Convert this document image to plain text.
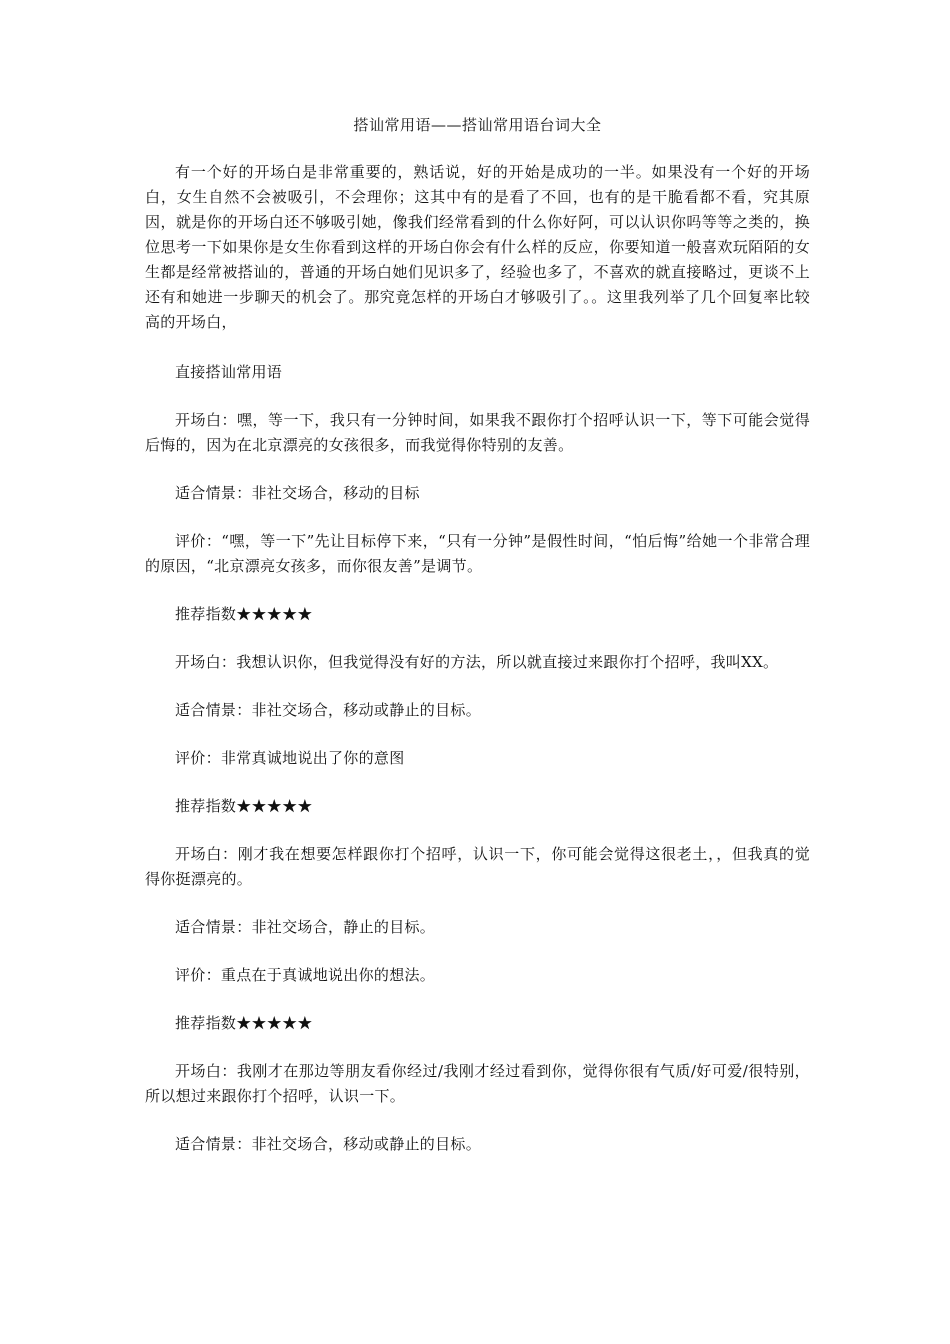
搭讪常用语——搭讪常用语台词大全

有一个好的开场白是非常重要的，熟话说，好的开始是成功的一半。如果没有一个好的开场白，女生自然不会被吸引，不会理你；这其中有的是看了不回，也有的是干脆看都不看，究其原因，就是你的开场白还不够吸引她，像我们经常看到的什么你好阿，可以认识你吗等等之类的，换位思考一下如果你是女生你看到这样的开场白你会有什么样的反应，你要知道一般喜欢玩陌陌的女生都是经常被搭讪的，普通的开场白她们见识多了，经验也多了，不喜欢的就直接略过，更谈不上还有和她进一步聊天的机会了。那究竟怎样的开场白才够吸引了。。这里我列举了几个回复率比较高的开场白，

直接搭讪常用语

开场白：嘿，等一下，我只有一分钟时间，如果我不跟你打个招呼认识一下，等下可能会觉得后悔的，因为在北京漂亮的女孩很多，而我觉得你特别的友善。

适合情景：非社交场合，移动的目标

评价：“嘿，等一下”先让目标停下来，“只有一分钟”是假性时间，“怕后悔”给她一个非常合理的原因，“北京漂亮女孩多，而你很友善”是调节。

推荐指数★★★★★

开场白：我想认识你，但我觉得没有好的方法，所以就直接过来跟你打个招呼，我叫XX。

适合情景：非社交场合，移动或静止的目标。

评价：非常真诚地说出了你的意图

推荐指数★★★★★

开场白：刚才我在想要怎样跟你打个招呼，认识一下，你可能会觉得这很老土，，但我真的觉得你挺漂亮的。

适合情景：非社交场合，静止的目标。

评价：重点在于真诚地说出你的想法。

推荐指数★★★★★

开场白：我刚才在那边等朋友看你经过/我刚才经过看到你，觉得你很有气质/好可爱/很特别，所以想过来跟你打个招呼，认识一下。

适合情景：非社交场合，移动或静止的目标。
